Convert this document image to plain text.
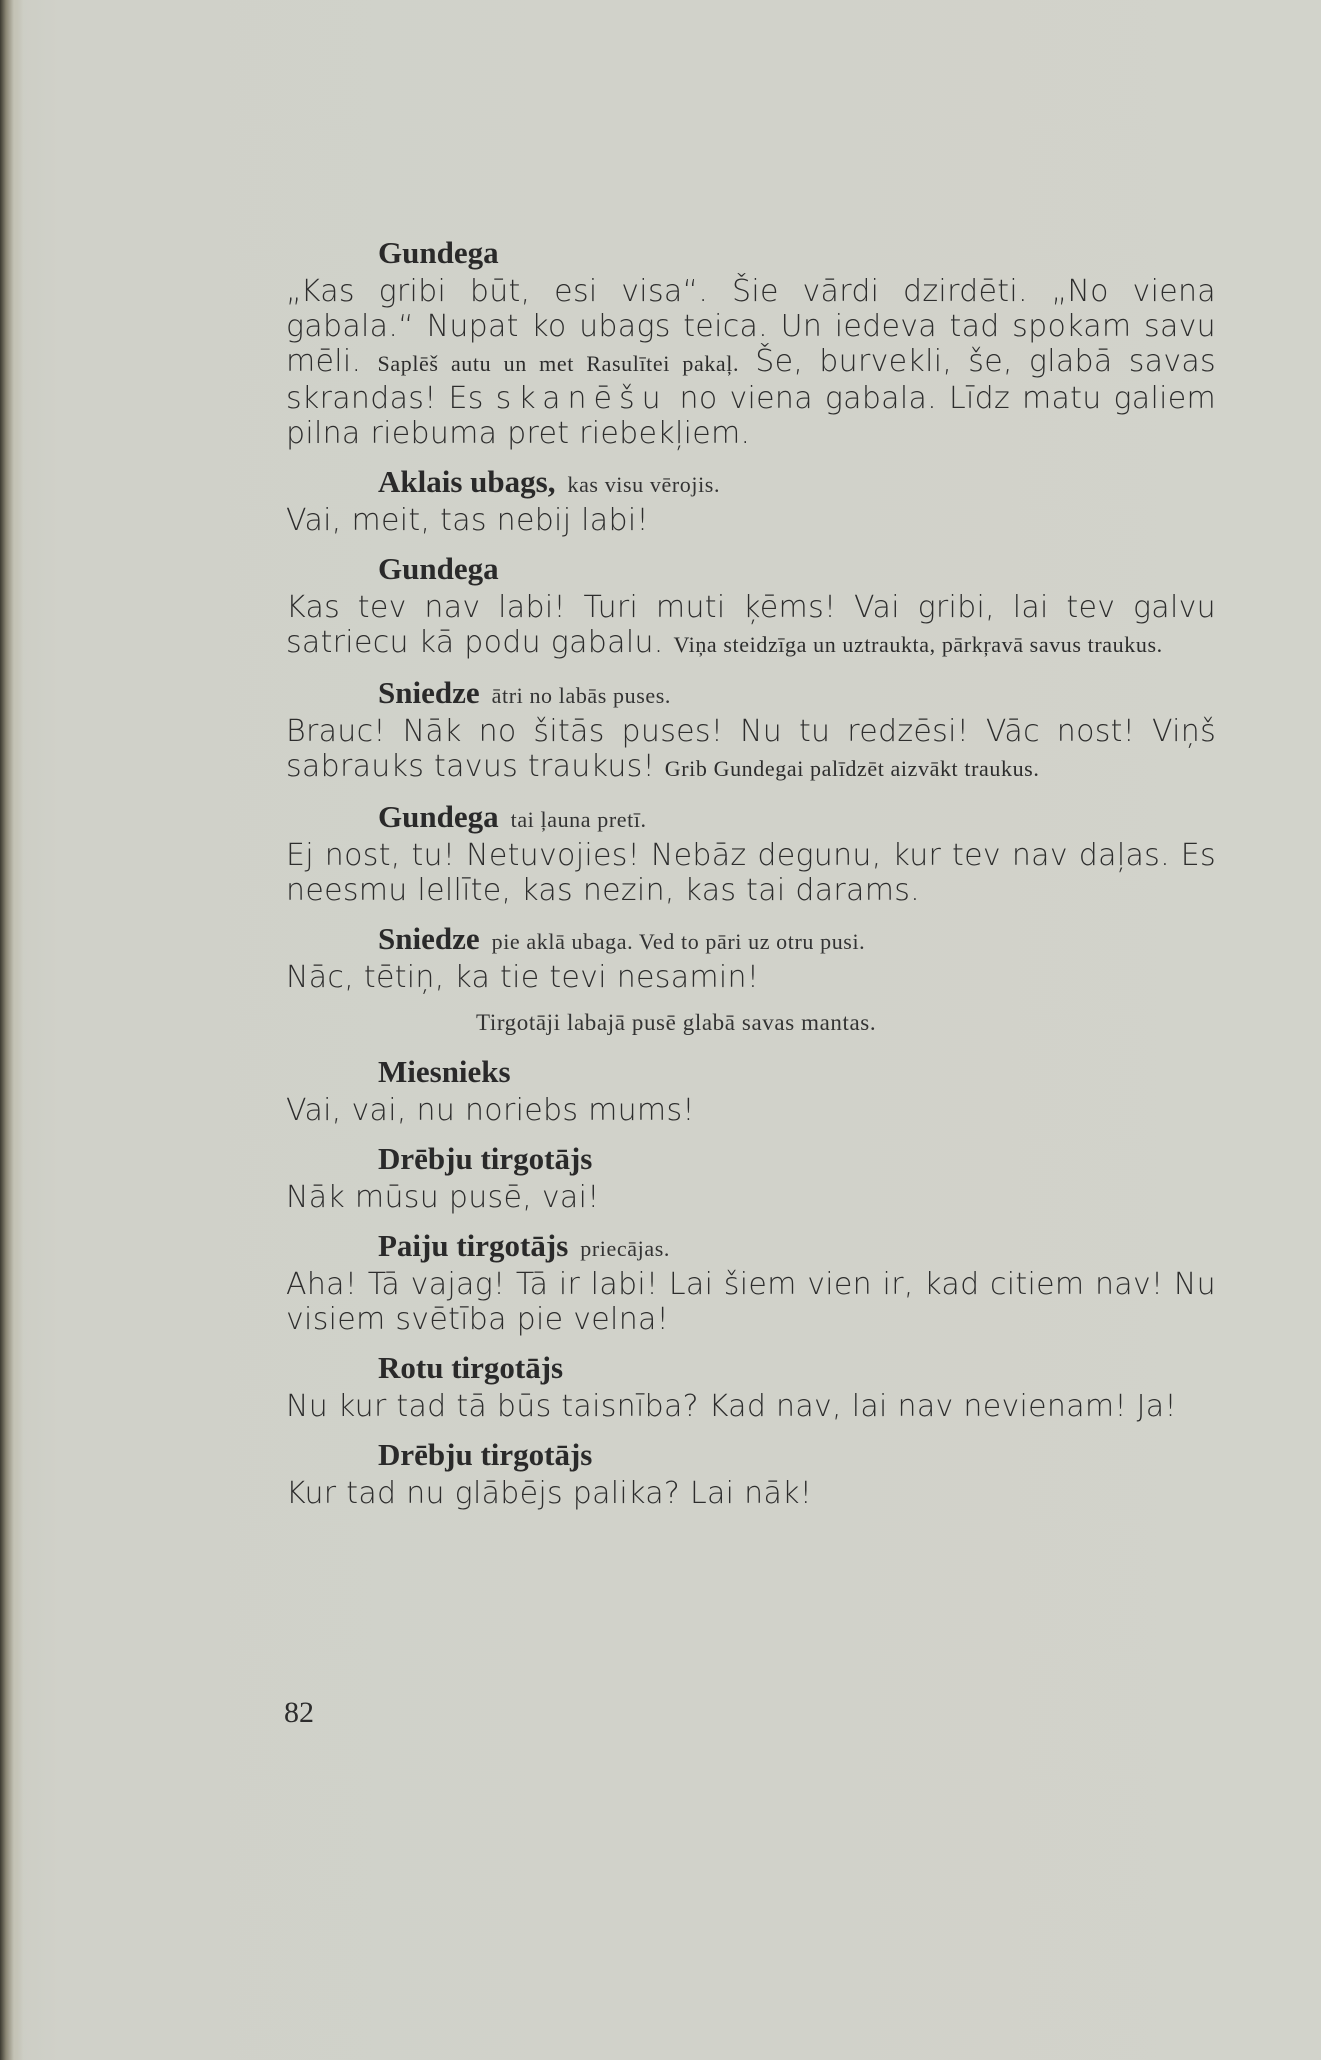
Gundega
„Kas gribi būt, esi visa“. Šie vārdi dzirdēti. „No viena gabala.“ Nupat ko ubags teica. Un iedeva tad spokam savu mēli. Saplēš autu un met Rasulītei pakaļ. Še, burvekli, še, glabā savas skrandas! Es skanēšu no viena gabala. Līdz matu galiem pilna riebuma pret riebekļiem.
Aklais ubags, kas visu vērojis.
Vai, meit, tas nebij labi!
Gundega
Kas tev nav labi! Turi muti ķēms! Vai gribi, lai tev galvu satriecu kā podu gabalu. Viņa steidzīga un uztraukta, pārkŗavā savus traukus.
Sniedze ātri no labās puses.
Brauc! Nāk no šitās puses! Nu tu redzēsi! Vāc nost! Viņš sabrauks tavus traukus! Grib Gundegai palīdzēt aizvākt traukus.
Gundega tai ļauna pretī.
Ej nost, tu! Netuvojies! Nebāz degunu, kur tev nav daļas. Es neesmu lellīte, kas nezin, kas tai darams.
Sniedze pie aklā ubaga. Ved to pāri uz otru pusi.
Nāc, tētiņ, ka tie tevi nesamin!
Tirgotāji labajā pusē glabā savas mantas.
Miesnieks
Vai, vai, nu noriebs mums!
Drēbju tirgotājs
Nāk mūsu pusē, vai!
Paiju tirgotājs priecājas.
Aha! Tā vajag! Tā ir labi! Lai šiem vien ir, kad citiem nav! Nu visiem svētība pie velna!
Rotu tirgotājs
Nu kur tad tā būs taisnība? Kad nav, lai nav nevienam! Ja!
Drēbju tirgotājs
Kur tad nu glābējs palika? Lai nāk!
82
